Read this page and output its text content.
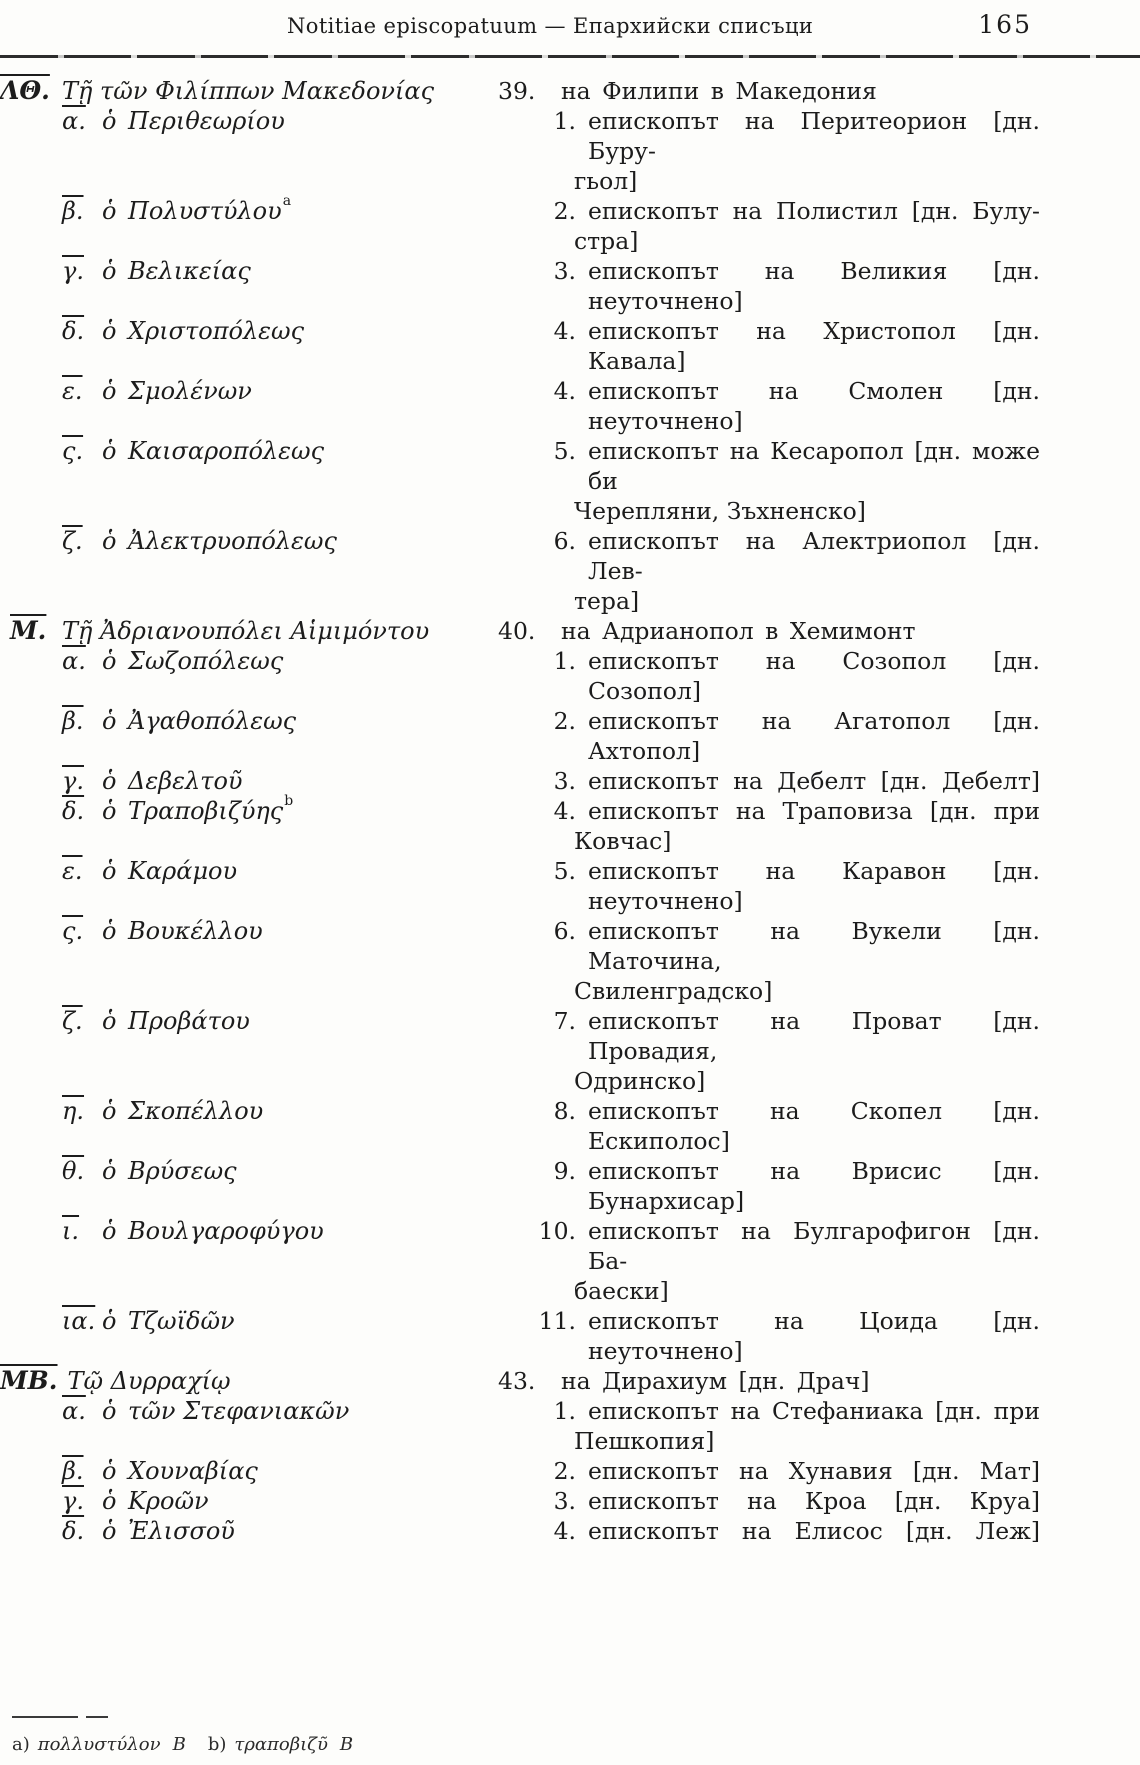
Notitiae episcopatuum — Епархийски списъци	165
ΛΘ. Τῇ τῶν Φιλίππων Μακεδονίας	39. на Филипи в Македония
α. ὁ Περιθεωρίου	1. епископът на Перитеорион [дн. Буру-
гьол]
β. ὁ Πολυστύλου a	2. епископът на Полистил [дн. Булу-
стра]
γ. ὁ Βελικείας	3. епископът на Великия [дн. неуточнено]
δ. ὁ Χριστοπόλεως	4. епископът на Христопол [дн. Кавала]
ε. ὁ Σμολένων	4. епископът на Смолен [дн. неуточнено]
ς. ὁ Καισαροπόλεως	5. епископът на Кесаропол [дн. може би
Черепляни, Зъхненско]
ζ. ὁ Ἀλεκτρυοπόλεως	6. епископът на Алектриопол [дн. Лев-
тера]
Μ. Τῇ Ἀδριανουπόλει Αἱμιμόντου	40. на Адрианопол в Хемимонт
α. ὁ Σωζοπόλεως	1. епископът на Созопол [дн. Созопол]
β. ὁ Ἀγαθοπόλεως	2. епископът на Агатопол [дн. Ахтопол]
γ. ὁ Δεβελτοῦ	3. епископът на Дебелт [дн. Дебелт]
δ. ὁ Τραποβιζύης b	4. епископът на Траповиза [дн. при
Ковчас]
ε. ὁ Καράμου	5. епископът на Каравон [дн. неуточнено]
ς. ὁ Βουκέλλου	6. епископът на Вукели [дн. Маточина,
Свиленградско]
ζ. ὁ Προβάτου	7. епископът на Проват [дн. Провадия,
Одринско]
η. ὁ Σκοπέλλου	8. епископът на Скопел [дн. Ескиполос]
θ. ὁ Βρύσεως	9. епископът на Врисис [дн. Бунархисар]
ι. ὁ Βουλγαροφύγου	10. епископът на Булгарофигон [дн. Ба-
баески]
ια. ὁ Τζωϊδῶν	11. епископът на Цоида [дн. неуточнено]
ΜΒ. Τῷ Δυρραχίῳ	43. на Дирахиум [дн. Драч]
α. ὁ τῶν Στεφανιακῶν	1. епископът на Стефаниака [дн. при
Пешкопия]
β. ὁ Χουναβίας	2. епископът на Хунавия [дн. Мат]
γ. ὁ Κροῶν	3. епископът на Кроа [дн. Круа]
δ. ὁ Ἐλισσοῦ	4. епископът на Елисос [дн. Леж]
a) πολλυστύλον B b) τραποβιζῦ B
